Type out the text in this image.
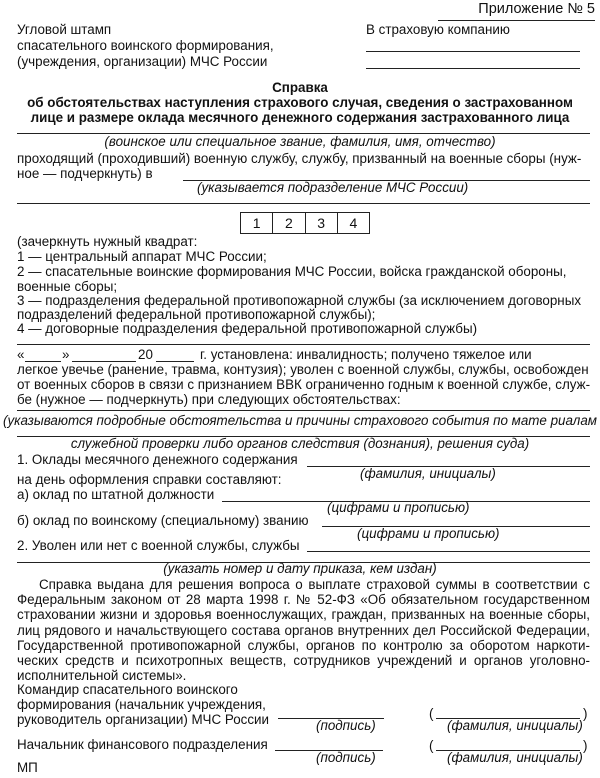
Приложение № 5
Угловой штамп
спасательного воинского формирования,
(учреждения, организации) МЧС России
В страховую компанию
Справка
об обстоятельствах наступления страхового случая, сведения о застрахованном
лице и размере оклада месячного денежного содержания застрахованного лица
(воинское или специальное звание, фамилия, имя, отчество)
проходящий (проходивший) военную службу, службу, призванный на военные сборы (нуж-
ное — подчеркнуть) в
(указывается подразделение МЧС России)
1	2	3	4
(зачеркнуть нужный квадрат:
1 — центральный аппарат МЧС России;
2 — спасательные воинские формирования МЧС России, войска гражданской обороны,
военные сборы;
3 — подразделения федеральной противопожарной службы (за исключением договорных
подразделений федеральной противопожарной службы);
4 — договорные подразделения федеральной противопожарной службы)
«	»	20	г. установлена: инвалидность; получено тяжелое или
легкое увечье (ранение, травма, контузия); уволен с военной службы, службы, освобожден
от военных сборов в связи с признанием ВВК ограниченно годным к военной службе, служ-
бе (нужное — подчеркнуть) при следующих обстоятельствах:
(указываются подробные обстоятельства и причины страхового события по мате риалам
служебной проверки либо органов следствия (дознания), решения суда)
1. Оклады месячного денежного содержания
(фамилия, инициалы)
на день оформления справки составляют:
а) оклад по штатной должности
(цифрами и прописью)
б) оклад по воинскому (специальному) званию
(цифрами и прописью)
2. Уволен или нет с военной службы, службы
(указать номер и дату приказа, кем издан)
Справка выдана для решения вопроса о выплате страховой суммы в соответствии с Федеральным законом от 28 марта 1998 г. № 52-ФЗ «Об обязательном государственном страховании жизни и здоровья военнослужащих, граждан, призванных на военные сборы, лиц рядового и начальствующего состава органов внутренних дел Российской Федерации, Государственной противопожарной службы, органов по контролю за оборотом наркоти-ческих средств и психотропных веществ, сотрудников учреждений и органов уголовно-исполнительной системы».
Командир спасательного воинского
формирования (начальник учреждения,
руководитель организации) МЧС России	(подпись)
(	)
(фамилия, инициалы)
Начальник финансового подразделения
(подпись)
(	)
(фамилия, инициалы)
МП
